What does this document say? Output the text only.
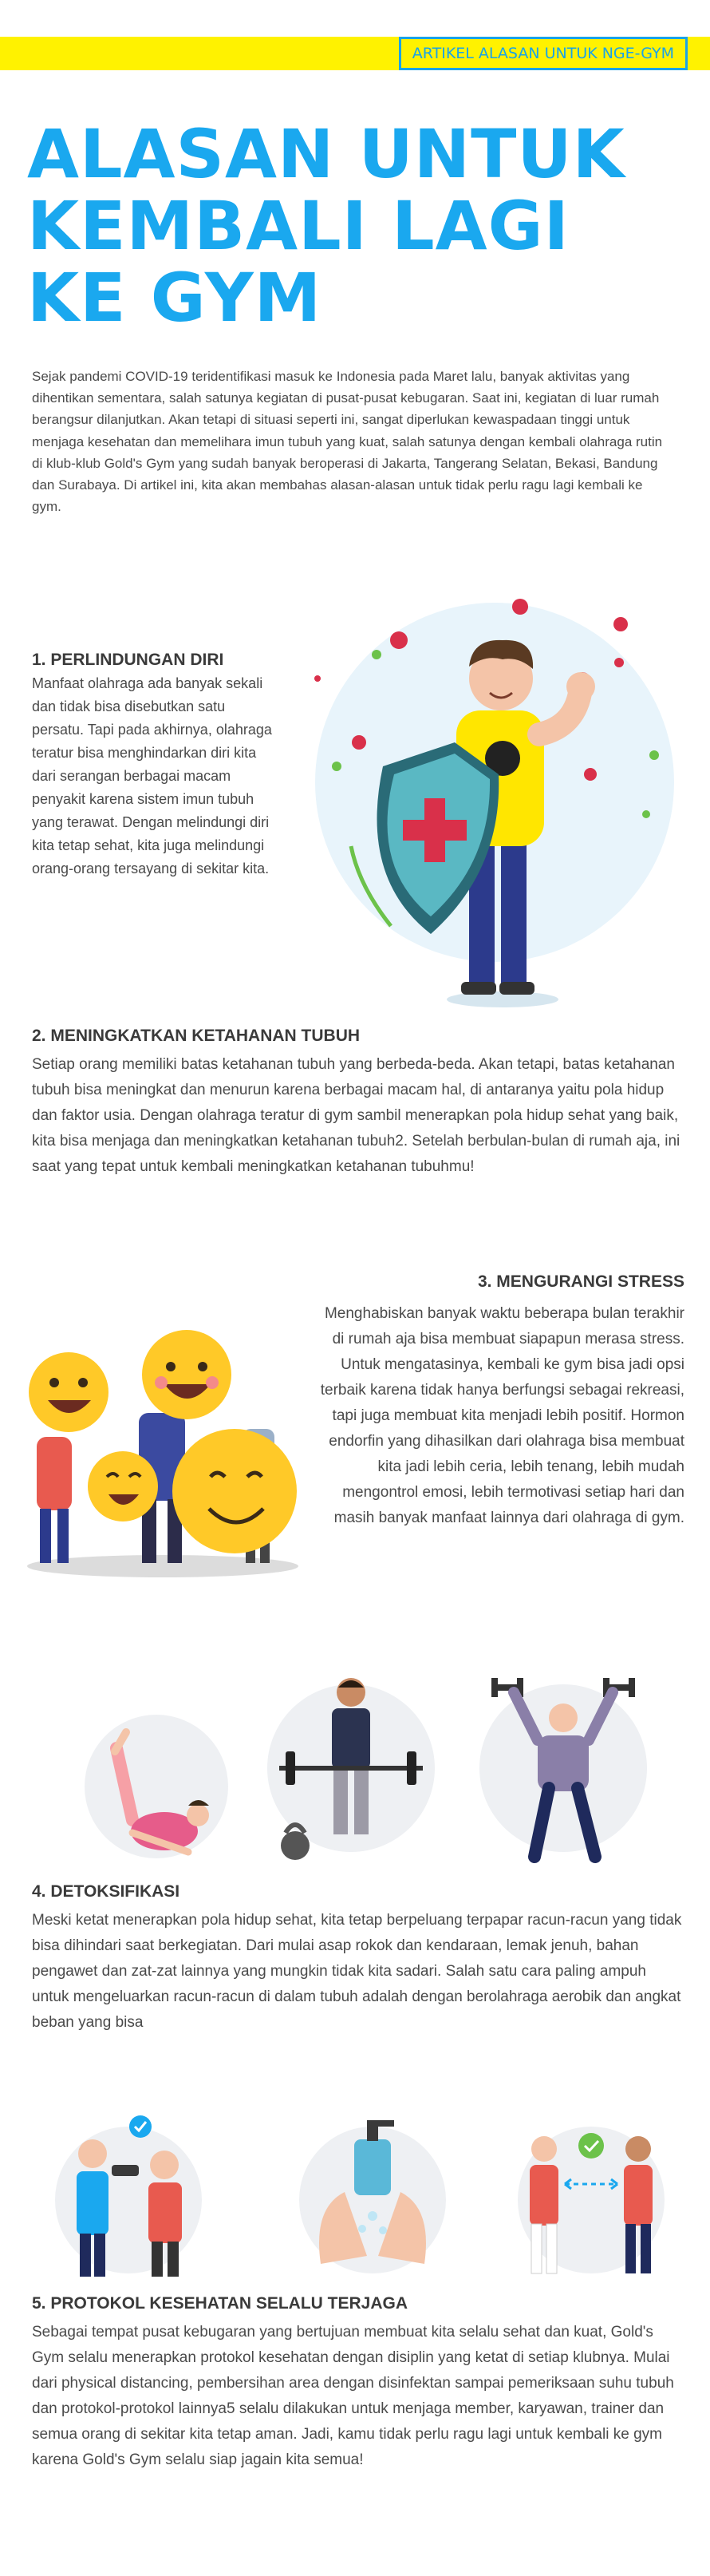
ARTIKEL ALASAN UNTUK NGE-GYM
ALASAN UNTUK
KEMBALI LAGI
KE GYM

Sejak pandemi COVID-19 teridentifikasi masuk ke Indonesia pada Maret lalu, banyak aktivitas yang dihentikan sementara, salah satunya kegiatan di pusat-pusat kebugaran. Saat ini, kegiatan di luar rumah berangsur dilanjutkan. Akan tetapi di situasi seperti ini, sangat diperlukan kewaspadaan tinggi untuk menjaga kesehatan dan memelihara imun tubuh yang kuat, salah satunya dengan kembali olahraga rutin di klub-klub Gold's Gym yang sudah banyak beroperasi di Jakarta, Tangerang Selatan, Bekasi, Bandung dan Surabaya. Di artikel ini, kita akan membahas alasan-alasan untuk tidak perlu ragu lagi kembali ke gym.

1. PERLINDUNGAN DIRI

Manfaat olahraga ada banyak sekali dan tidak bisa disebutkan satu persatu. Tapi pada akhirnya, olahraga teratur bisa menghindarkan diri kita dari serangan berbagai macam penyakit karena sistem imun tubuh yang terawat. Dengan melindungi diri kita tetap sehat, kita juga melindungi orang-orang tersayang di sekitar kita.

2. MENINGKATKAN KETAHANAN TUBUH

Setiap orang memiliki batas ketahanan tubuh yang berbeda-beda. Akan tetapi, batas ketahanan tubuh bisa meningkat dan menurun karena berbagai macam hal, di antaranya yaitu pola hidup dan faktor usia. Dengan olahraga teratur di gym sambil menerapkan pola hidup sehat yang baik, kita bisa menjaga dan meningkatkan ketahanan tubuh2. Setelah berbulan-bulan di rumah aja, ini saat yang tepat untuk kembali meningkatkan ketahanan tubuhmu!

3. MENGURANGI STRESS

Menghabiskan banyak waktu beberapa bulan terakhir di rumah aja bisa membuat siapapun merasa stress. Untuk mengatasinya, kembali ke gym bisa jadi opsi terbaik karena tidak hanya berfungsi sebagai rekreasi, tapi juga membuat kita menjadi lebih positif. Hormon endorfin yang dihasilkan dari olahraga bisa membuat kita jadi lebih ceria, lebih tenang, lebih mudah mengontrol emosi, lebih termotivasi setiap hari dan masih banyak manfaat lainnya dari olahraga di gym.

4. DETOKSIFIKASI

Meski ketat menerapkan pola hidup sehat, kita tetap berpeluang terpapar racun-racun yang tidak bisa dihindari saat berkegiatan. Dari mulai asap rokok dan kendaraan, lemak jenuh, bahan pengawet dan zat-zat lainnya yang mungkin tidak kita sadari. Salah satu cara paling ampuh untuk mengeluarkan racun-racun di dalam tubuh adalah dengan berolahraga aerobik dan angkat beban yang bisa

5. PROTOKOL KESEHATAN SELALU TERJAGA

Sebagai tempat pusat kebugaran yang bertujuan membuat kita selalu sehat dan kuat, Gold's Gym selalu menerapkan protokol kesehatan dengan disiplin yang ketat di setiap klubnya. Mulai dari physical distancing, pembersihan area dengan disinfektan sampai pemeriksaan suhu tubuh dan protokol-protokol lainnya5 selalu dilakukan untuk menjaga member, karyawan, trainer dan semua orang di sekitar kita tetap aman. Jadi, kamu tidak perlu ragu lagi untuk kembali ke gym karena Gold's Gym selalu siap jagain kita semua!
